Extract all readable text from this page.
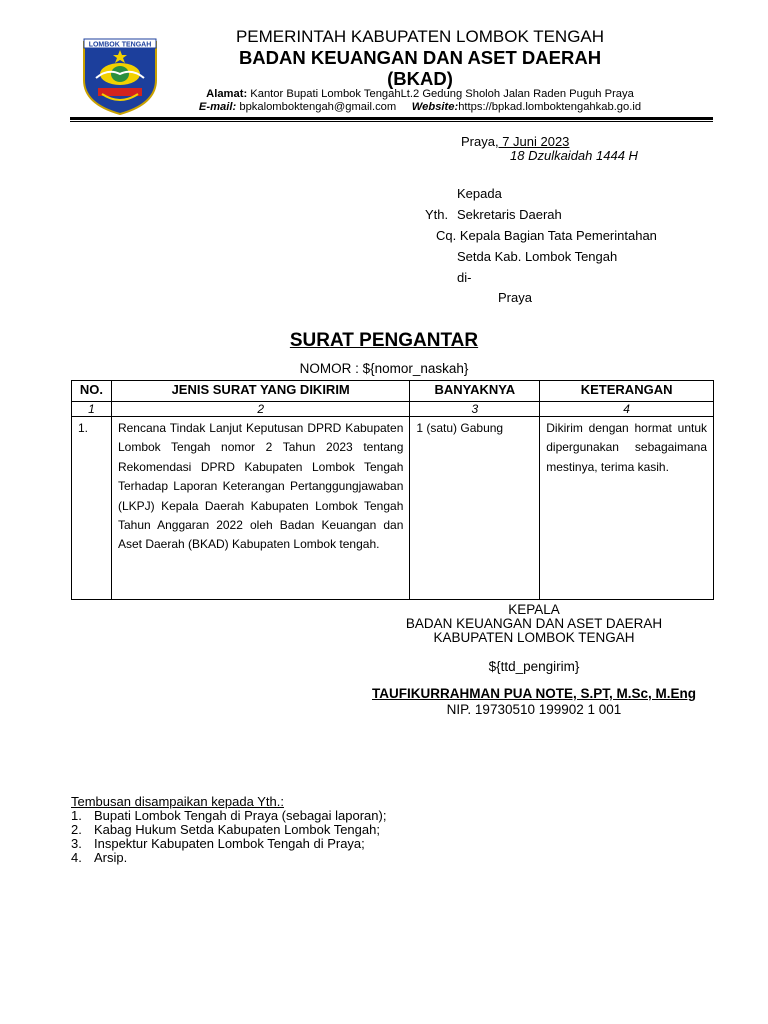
LOMBOK TENGAH	PEMERINTAH KABUPATEN LOMBOK TENGAH
BADAN KEUANGAN DAN ASET DAERAH
(BKAD)
Alamat: Kantor Bupati Lombok TengahLt.2 Gedung Sholoh Jalan Raden Puguh Praya
E-mail: bpkalomboktengah@gmail.com Website:https://bpkad.lomboktengahkab.go.id
Praya, 7 Juni 2023
18 Dzulkaidah 1444 H
Kepada
Yth. Sekretaris Daerah
Cq. Kepala Bagian Tata Pemerintahan
Setda Kab. Lombok Tengah
di-
Praya
SURAT PENGANTAR
NOMOR : ${nomor_naskah}
NO.	JENIS SURAT YANG DIKIRIM	BANYAKNYA	KETERANGAN
1	2	3	4
1.	Rencana Tindak Lanjut Keputusan DPRD Kabupaten Lombok Tengah nomor 2 Tahun 2023 tentang Rekomendasi DPRD Kabupaten Lombok Tengah Terhadap Laporan Keterangan Pertanggungjawaban (LKPJ) Kepala Daerah Kabupaten Lombok Tengah Tahun Anggaran 2022 oleh Badan Keuangan dan Aset Daerah (BKAD) Kabupaten Lombok tengah.	1 (satu) Gabung	Dikirim dengan hormat untuk dipergunakan sebagaimana mestinya, terima kasih.
KEPALA
BADAN KEUANGAN DAN ASET DAERAH
KABUPATEN LOMBOK TENGAH
${ttd_pengirim}
TAUFIKURRAHMAN PUA NOTE, S.PT, M.Sc, M.Eng
NIP. 19730510 199902 1 001
Tembusan disampaikan kepada Yth.:
1. Bupati Lombok Tengah di Praya (sebagai laporan);
2. Kabag Hukum Setda Kabupaten Lombok Tengah;
3. Inspektur Kabupaten Lombok Tengah di Praya;
4. Arsip.
